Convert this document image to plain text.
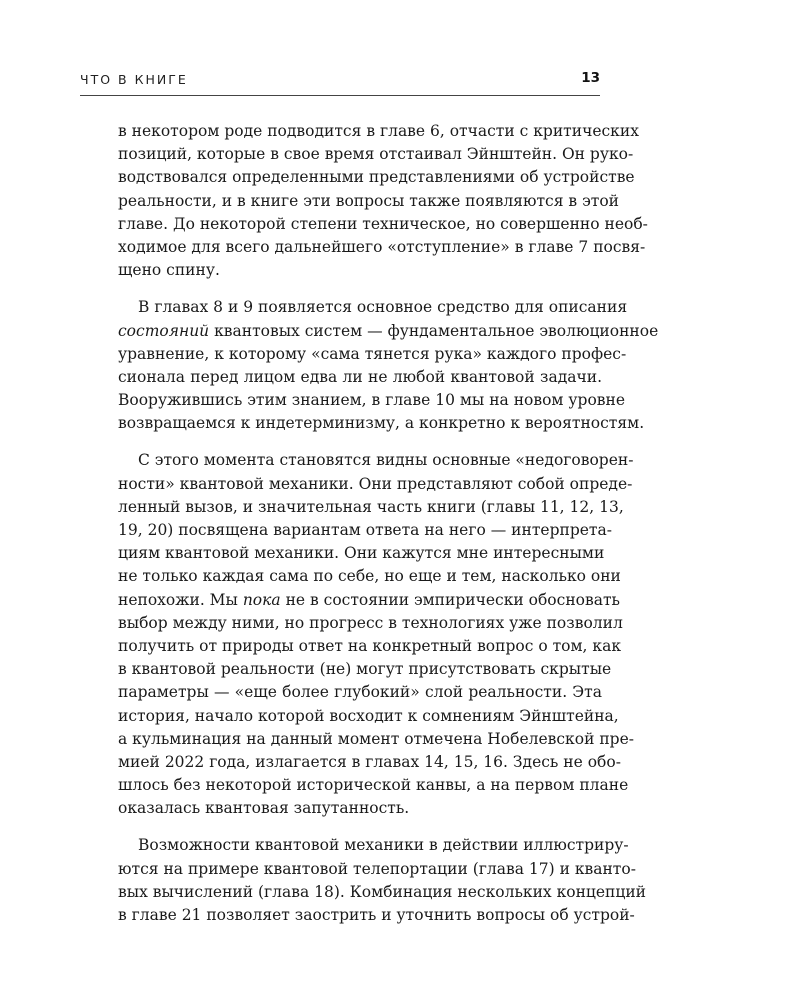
ЧТО В КНИГЕ	13

в некотором роде подводится в главе 6, отчасти с критических
позиций, которые в свое время отстаивал Эйнштейн. Он руко-
водствовался определенными представлениями об устройстве
реальности, и в книге эти вопросы также появляются в этой
главе. До некоторой степени техническое, но совершенно необ-
ходимое для всего дальнейшего «отступление» в главе 7 посвя-
щено спину.

В главах 8 и 9 появляется основное средство для описания
состояний квантовых систем — фундаментальное эволюционное
уравнение, к которому «сама тянется рука» каждого профес-
сионала перед лицом едва ли не любой квантовой задачи.
Вооружившись этим знанием, в главе 10 мы на новом уровне
возвращаемся к индетерминизму, а конкретно к вероятностям.

С этого момента становятся видны основные «недоговорен-
ности» квантовой механики. Они представляют собой опреде-
ленный вызов, и значительная часть книги (главы 11, 12, 13,
19, 20) посвящена вариантам ответа на него — интерпрета-
циям квантовой механики. Они кажутся мне интересными
не только каждая сама по себе, но еще и тем, насколько они
непохожи. Мы пока не в состоянии эмпирически обосновать
выбор между ними, но прогресс в технологиях уже позволил
получить от природы ответ на конкретный вопрос о том, как
в квантовой реальности (не) могут присутствовать скрытые
параметры — «еще более глубокий» слой реальности. Эта
история, начало которой восходит к сомнениям Эйнштейна,
а кульминация на данный момент отмечена Нобелевской пре-
мией 2022 года, излагается в главах 14, 15, 16. Здесь не обо-
шлось без некоторой исторической канвы, а на первом плане
оказалась квантовая запутанность.

Возможности квантовой механики в действии иллюстриру-
ются на примере квантовой телепортации (глава 17) и кванто-
вых вычислений (глава 18). Комбинация нескольких концепций
в главе 21 позволяет заострить и уточнить вопросы об устрой-
